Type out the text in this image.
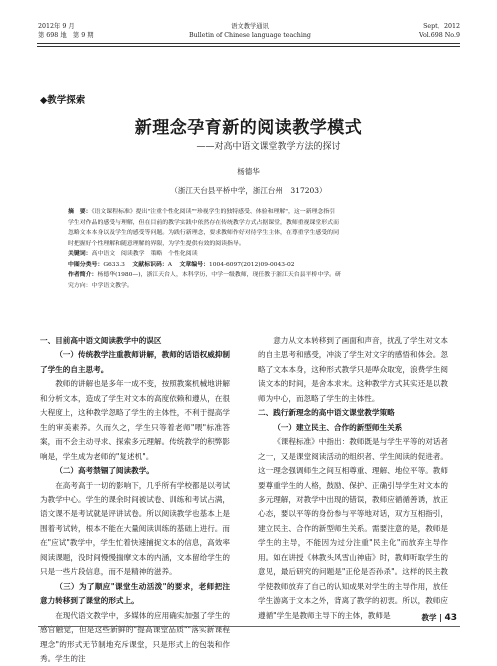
2012年 9 月
第 698 地　第 9 期
语文教学通讯
Bulletin of Chinese language teaching
Sept．2012
Vol.698 No.9
◆教学探索
新理念孕育新的阅读教学模式
——对高中语文课堂教学方法的探讨
杨德华
（浙江天台县平桥中学，浙江台州　317203）
摘　要：《语文课程标准》提出"注重个性化阅读""珍视学生的独特感受、体验和理解"，这一新理念指引
学生对作品的感受与理解，但在目前的教学实践中依然存在传统教学方式占据课堂，教师重视课堂形式而
忽略文本本身以及学生的感受等问题。为践行新理念，要求教师作好对待学生主体，在尊重学生感受的同
时把握好个性理解和随意理解的界限，为学生提供有效的阅读指导。
关键词：高中语文　阅读教学　策略　个性化阅读
中图分类号：G633.3 文献标识码：A 文章编号：1004-6097(2012)09-0043-02
作者简介：杨德华(1980—)，浙江天台人，本科学历，中学一级教师，现任教于浙江天台县平桥中学。研
究方向：中学语文教学。

一、目前高中语文阅读教学中的误区

（一）传统教学注重教师讲解，教师的话语权威抑制了学生的自主思考。

教师的讲解也是多年一成不变，按照教案机械地讲解和分析文本，造成了学生对文本的高度依赖和遵从，在很大程度上，这种教学忽略了学生的主体性，不利于提高学生的审美素养。久而久之，学生只等着老师"喂"标准答案，而不会主动寻求、探索多元理解。传统教学的积弊影响是，学生成为老师的"复述机"。

（二）高考禁锢了阅读教学。

在高考高于一切的影响下，几乎所有学校都是以考试为教学中心。学生的课余时间被试卷、训练和考试占满，语文课不是考试就是评讲试卷。所以阅读教学也基本上是围着考试转，根本不能在大量阅读训练的基础上进行。而在"应试"教学中，学生忙着快速捕捉文本的信息，高效率阅读课题，没时间慢慢揣摩文本的内涵，文本留给学生的只是一些片段信息，而不是精神的滋养。

（三）为了顺应"课堂生动活泼"的要求，老师把注意力转移到了课堂的形式上。

在现代语文教学中，多媒体的应用确实加强了学生的感官触觉，但是这些新鲜的"提高课堂品质""落实新课程理念"的形式无节制地充斥课堂，只是形式上的包装和作秀。学生的注

意力从文本转移到了画面和声音，扰乱了学生对文本的自主思考和感受，冲淡了学生对文字的感悟和体会。忽略了文本本身，这种形式教学只是哗众取宠，浪费学生阅读文本的时间，是舍本求末。这种教学方式其实还是以教师为中心，而忽略了学生的主体性。

二、践行新理念的高中语文课堂教学策略

（一）建立民主、合作的新型师生关系

《课程标准》中指出：教师既是与学生平等的对话者之一，又是课堂阅读活动的组织者、学生阅读的促进者。这一理念强调师生之间互相尊重、理解、地位平等。教师要尊重学生的人格，鼓励、保护、正确引导学生对文本的多元理解，对教学中出现的错误，教师应循循善诱，放正心态，要以平等的身份参与平等地对话，双方互相指引，建立民主、合作的新型师生关系。需要注意的是，教师是学生的主导，不能因为过分注重"民主化"而放弃主导作用。如在讲授《林教头风雪山神庙》时，教师听取学生的意见，最后研究的问题是"正伦是否孙杀"。这样的民主教学使教师放弃了自己的认知成果对学生的主导作用，放任学生游离于文本之外，背离了教学的初衷。所以，教师应遵循"学生是教师主导下的主体，教师是	教学 | 43
